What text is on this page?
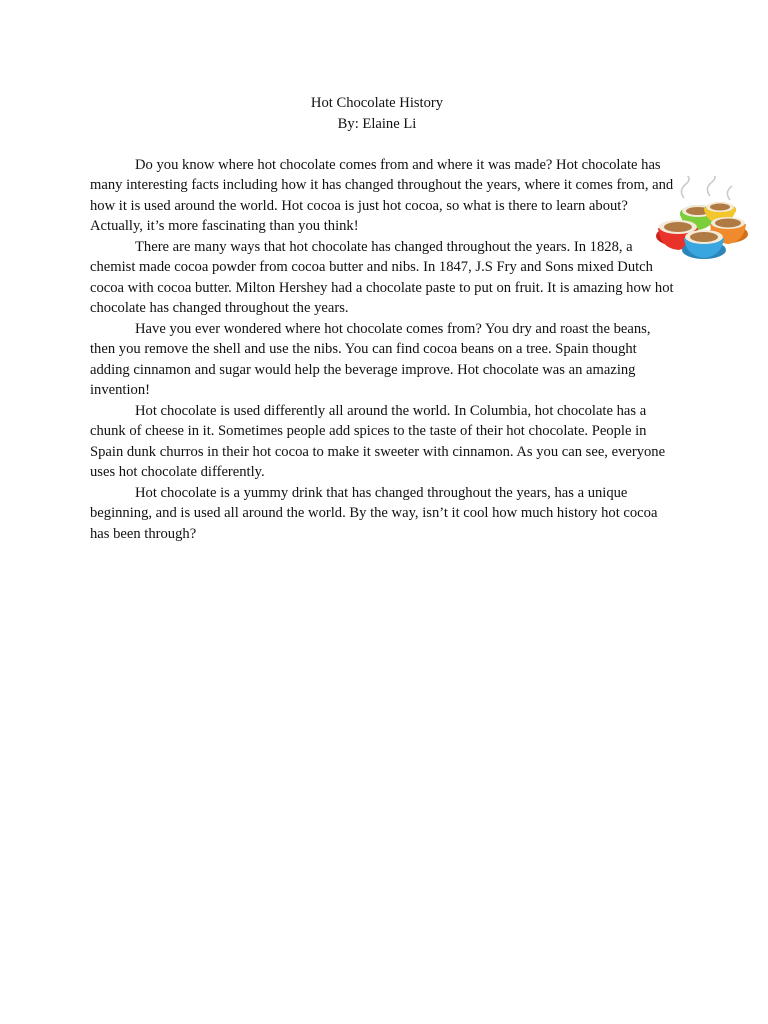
Hot Chocolate History
By: Elaine Li

Do you know where hot chocolate comes from and where it was made? Hot chocolate has many interesting facts including how it has changed throughout the years, where it comes from, and how it is used around the world. Hot cocoa is just hot cocoa, so what is there to learn about?

Actually, it’s more fascinating than you think!

There are many ways that hot chocolate has changed throughout the years. In 1828, a chemist made cocoa powder from cocoa butter and nibs. In 1847, J.S Fry and Sons mixed Dutch cocoa with cocoa butter. Milton Hershey had a chocolate paste to put on fruit. It is amazing how hot chocolate has changed throughout the years.

Have you ever wondered where hot chocolate comes from? You dry and roast the beans, then you remove the shell and use the nibs. You can find cocoa beans on a tree. Spain thought adding cinnamon and sugar would help the beverage improve. Hot chocolate was an amazing invention!

Hot chocolate is used differently all around the world. In Columbia, hot chocolate has a chunk of cheese in it. Sometimes people add spices to the taste of their hot chocolate. People in Spain dunk churros in their hot cocoa to make it sweeter with cinnamon. As you can see, everyone uses hot chocolate differently.

Hot chocolate is a yummy drink that has changed throughout the years, has a unique beginning, and is used all around the world. By the way, isn’t it cool how much history hot cocoa has been through?
